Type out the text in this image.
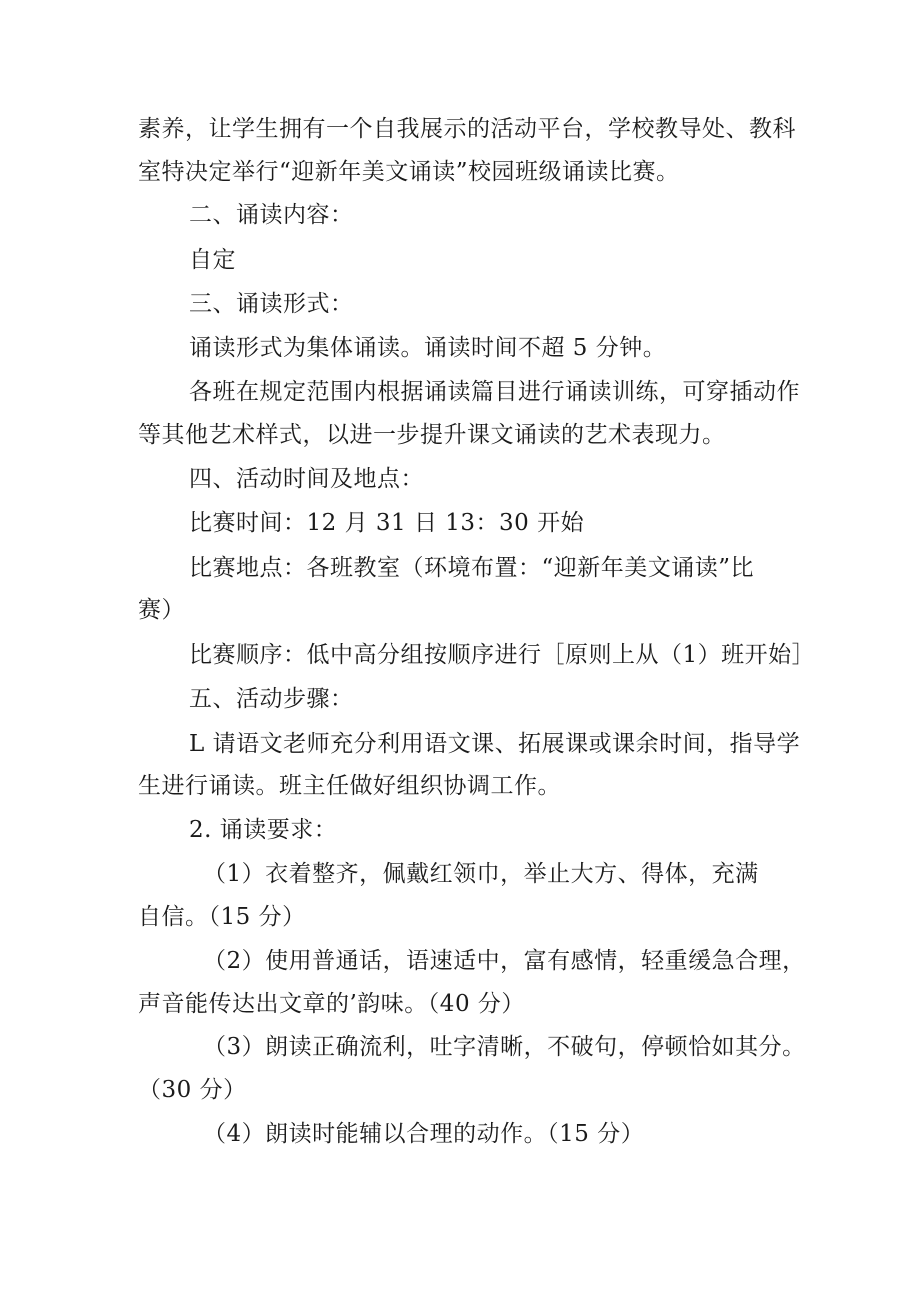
素养，让学生拥有一个自我展示的活动平台，学校教导处、教科
室特决定举行“迎新年美文诵读”校园班级诵读比赛。
二、诵读内容：
自定
三、诵读形式：
诵读形式为集体诵读。诵读时间不超 5 分钟。
各班在规定范围内根据诵读篇目进行诵读训练，可穿插动作
等其他艺术样式，以进一步提升课文诵读的艺术表现力。
四、活动时间及地点：
比赛时间：12 月 31 日 13：30 开始
比赛地点：各班教室（环境布置：“迎新年美文诵读”比
赛）
比赛顺序：低中高分组按顺序进行［原则上从（1）班开始］
五、活动步骤：
L 请语文老师充分利用语文课、拓展课或课余时间，指导学
生进行诵读。班主任做好组织协调工作。
2. 诵读要求：
（1）衣着整齐，佩戴红领巾，举止大方、得体，充满
自信。（15 分）
（2）使用普通话，语速适中，富有感情，轻重缓急合理，
声音能传达出文章的’韵味。（40 分）
（3）朗读正确流利，吐字清晰，不破句，停顿恰如其分。
（30 分）
（4）朗读时能辅以合理的动作。（15 分）
